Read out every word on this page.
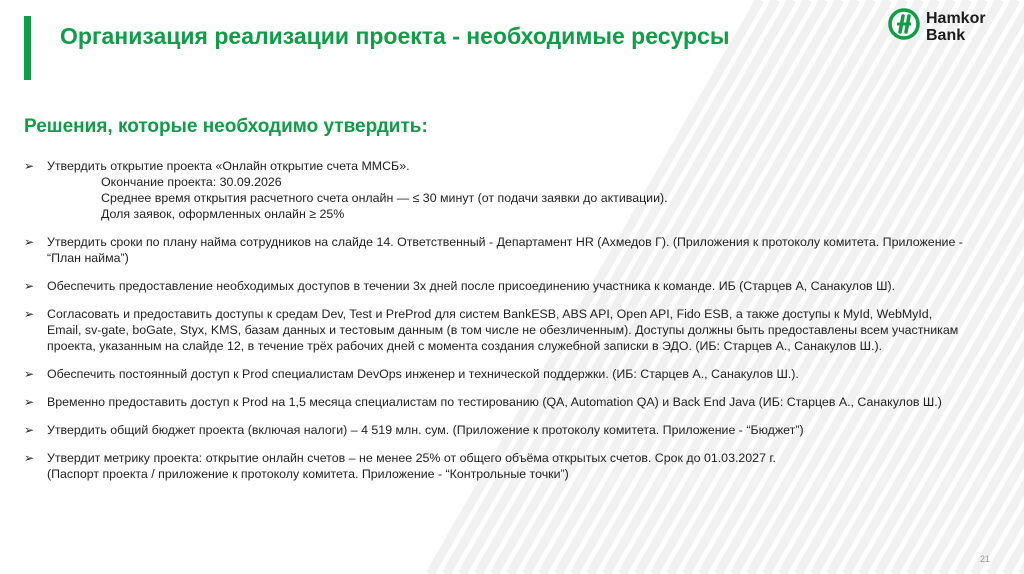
Организация реализации проекта - необходимые ресурсы
Hamkor
Bank
Решения, которые необходимо утвердить:
➢ Утвердить открытие проекта «Онлайн открытие счета ММСБ».
Окончание проекта: 30.09.2026
Среднее время открытия расчетного счета онлайн — ≤ 30 минут (от подачи заявки до активации).
Доля заявок, оформленных онлайн ≥ 25%
➢ Утвердить сроки по плану найма сотрудников на слайде 14. Ответственный - Департамент HR (Ахмедов Г). (Приложения к протоколу комитета. Приложение -
“План найма”)
➢ Обеспечить предоставление необходимых доступов в течении 3х дней после присоединению участника к команде. ИБ (Старцев А, Санакулов Ш).
➢ Согласовать и предоставить доступы к средам Dev, Test и PreProd для систем BankESB, ABS API, Open API, Fido ESB, а также доступы к MyId, WebMyId,
Email, sv-gate, boGate, Styx, KMS, базам данных и тестовым данным (в том числе не обезличенным). Доступы должны быть предоставлены всем участникам
проекта, указанным на слайде 12, в течение трёх рабочих дней с момента создания служебной записки в ЭДО. (ИБ: Старцев А., Санакулов Ш.).
➢ Обеспечить постоянный доступ к Prod специалистам DevOps инженер и технической поддержки. (ИБ: Старцев А., Санакулов Ш.).
➢ Временно предоставить доступ к Prod на 1,5 месяца специалистам по тестированию (QA, Automation QA) и Back End Java (ИБ: Старцев А., Санакулов Ш.)
➢ Утвердить общий бюджет проекта (включая налоги) – 4 519 млн. сум. (Приложение к протоколу комитета. Приложение - “Бюджет”)
➢ Утвердит метрику проекта: открытие онлайн счетов – не менее 25% от общего объёма открытых счетов. Срок до 01.03.2027 г.
(Паспорт проекта / приложение к протоколу комитета. Приложение - “Контрольные точки”)
21
